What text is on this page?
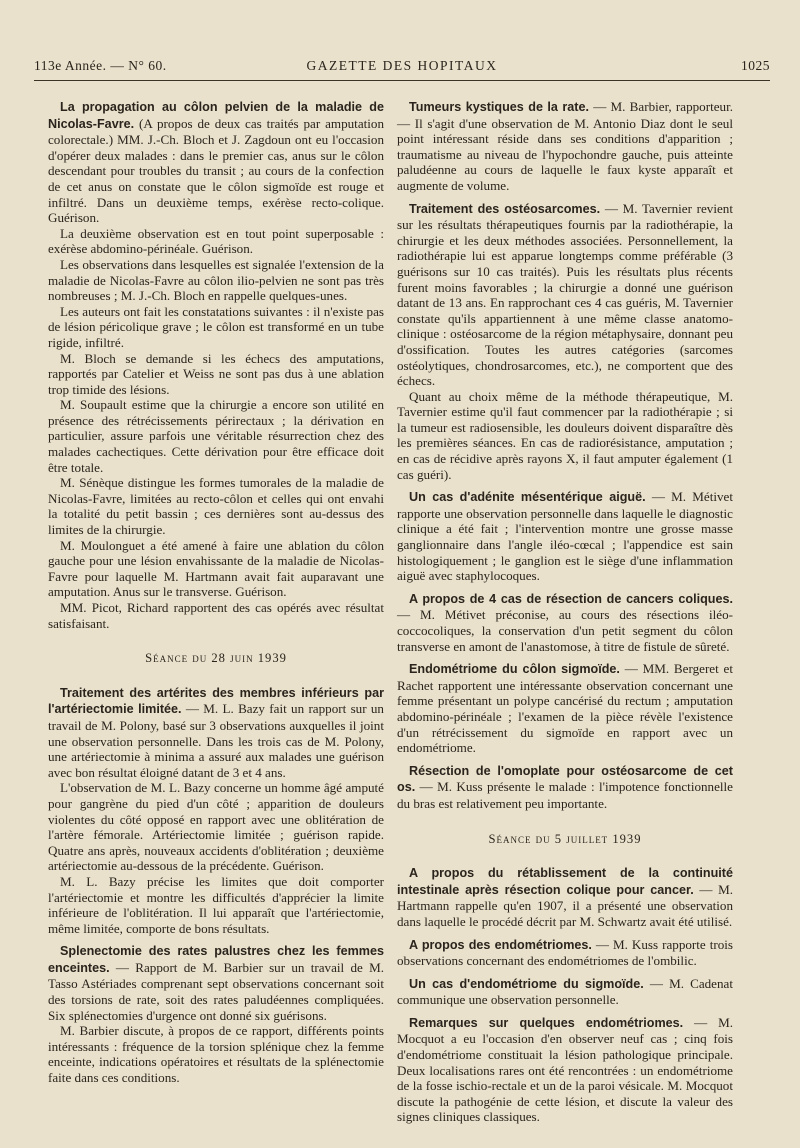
113e Année. — N° 60.	GAZETTE DES HOPITAUX	1025

La propagation au côlon pelvien de la maladie de Nicolas-Favre. (A propos de deux cas traités par amputation colorectale.) MM. J.-Ch. Bloch et J. Zagdoun ont eu l'occasion d'opérer deux malades : dans le premier cas, anus sur le côlon descendant pour troubles du transit ; au cours de la confection de cet anus on constate que le côlon sigmoïde est rouge et infiltré. Dans un deuxième temps, exérèse recto-colique. Guérison.

La deuxième observation est en tout point superposable : exérèse abdomino-périnéale. Guérison.

Les observations dans lesquelles est signalée l'extension de la maladie de Nicolas-Favre au côlon ilio-pelvien ne sont pas très nombreuses ; M. J.-Ch. Bloch en rappelle quelques-unes.

Les auteurs ont fait les constatations suivantes : il n'existe pas de lésion péricolique grave ; le côlon est transformé en un tube rigide, infiltré.

M. Bloch se demande si les échecs des amputations, rapportés par Catelier et Weiss ne sont pas dus à une ablation trop timide des lésions.

M. Soupault estime que la chirurgie a encore son utilité en présence des rétrécissements périrectaux ; la dérivation en particulier, assure parfois une véritable résurrection chez des malades cachectiques. Cette dérivation pour être efficace doit être totale.

M. Sénèque distingue les formes tumorales de la maladie de Nicolas-Favre, limitées au recto-côlon et celles qui ont envahi la totalité du petit bassin ; ces dernières sont au-dessus des limites de la chirurgie.

M. Moulonguet a été amené à faire une ablation du côlon gauche pour une lésion envahissante de la maladie de Nicolas-Favre pour laquelle M. Hartmann avait fait auparavant une amputation. Anus sur le transverse. Guérison.

MM. Picot, Richard rapportent des cas opérés avec résultat satisfaisant.

Séance du 28 juin 1939

Traitement des artérites des membres inférieurs par l'artériectomie limitée. — M. L. Bazy fait un rapport sur un travail de M. Polony, basé sur 3 observations auxquelles il joint une observation personnelle. Dans les trois cas de M. Polony, une artériectomie à minima a assuré aux malades une guérison avec bon résultat éloigné datant de 3 et 4 ans.

L'observation de M. L. Bazy concerne un homme âgé amputé pour gangrène du pied d'un côté ; apparition de douleurs violentes du côté opposé en rapport avec une oblitération de l'artère fémorale. Artériectomie limitée ; guérison rapide. Quatre ans après, nouveaux accidents d'oblitération ; deuxième artériectomie au-dessous de la précédente. Guérison.

M. L. Bazy précise les limites que doit comporter l'artériectomie et montre les difficultés d'apprécier la limite inférieure de l'oblitération. Il lui apparaît que l'artériectomie, même limitée, comporte de bons résultats.

Splenectomie des rates palustres chez les femmes enceintes. — Rapport de M. Barbier sur un travail de M. Tasso Astériades comprenant sept observations concernant soit des torsions de rate, soit des rates paludéennes compliquées. Six splénectomies d'urgence ont donné six guérisons.

M. Barbier discute, à propos de ce rapport, différents points intéressants : fréquence de la torsion splénique chez la femme enceinte, indications opératoires et résultats de la splénectomie faite dans ces conditions.

Tumeurs kystiques de la rate. — M. Barbier, rapporteur. — Il s'agit d'une observation de M. Antonio Diaz dont le seul point intéressant réside dans ses conditions d'apparition ; traumatisme au niveau de l'hypochondre gauche, puis atteinte paludéenne au cours de laquelle le faux kyste apparaît et augmente de volume.

Traitement des ostéosarcomes. — M. Tavernier revient sur les résultats thérapeutiques fournis par la radiothérapie, la chirurgie et les deux méthodes associées. Personnellement, la radiothérapie lui est apparue longtemps comme préférable (3 guérisons sur 10 cas traités). Puis les résultats plus récents furent moins favorables ; la chirurgie a donné une guérison datant de 13 ans. En rapprochant ces 4 cas guéris, M. Tavernier constate qu'ils appartiennent à une même classe anatomo-clinique : ostéosarcome de la région métaphysaire, donnant peu d'ossification. Toutes les autres catégories (sarcomes ostéolytiques, chondrosarcomes, etc.), ne comportent que des échecs.

Quant au choix même de la méthode thérapeutique, M. Tavernier estime qu'il faut commencer par la radiothérapie ; si la tumeur est radiosensible, les douleurs doivent disparaître dès les premières séances. En cas de radiorésistance, amputation ; en cas de récidive après rayons X, il faut amputer également (1 cas guéri).

Un cas d'adénite mésentérique aiguë. — M. Métivet rapporte une observation personnelle dans laquelle le diagnostic clinique a été fait ; l'intervention montre une grosse masse ganglionnaire dans l'angle iléo-cœcal ; l'appendice est sain histologiquement ; le ganglion est le siège d'une inflammation aiguë avec staphylocoques.

A propos de 4 cas de résection de cancers coliques. — M. Métivet préconise, au cours des résections iléo-coccocoliques, la conservation d'un petit segment du côlon transverse en amont de l'anastomose, à titre de fistule de sûreté.

Endométriome du côlon sigmoïde. — MM. Bergeret et Rachet rapportent une intéressante observation concernant une femme présentant un polype cancérisé du rectum ; amputation abdomino-périnéale ; l'examen de la pièce révèle l'existence d'un rétrécissement du sigmoïde en rapport avec un endométriome.

Résection de l'omoplate pour ostéosarcome de cet os. — M. Kuss présente le malade : l'impotence fonctionnelle du bras est relativement peu importante.

Séance du 5 juillet 1939

A propos du rétablissement de la continuité intestinale après résection colique pour cancer. — M. Hartmann rappelle qu'en 1907, il a présenté une observation dans laquelle le procédé décrit par M. Schwartz avait été utilisé.

A propos des endométriomes. — M. Kuss rapporte trois observations concernant des endométriomes de l'ombilic.

Un cas d'endométriome du sigmoïde. — M. Cadenat communique une observation personnelle.

Remarques sur quelques endométriomes. — M. Mocquot a eu l'occasion d'en observer neuf cas ; cinq fois d'endométriome constituait la lésion pathologique principale. Deux localisations rares ont été rencontrées : un endométriome de la fosse ischio-rectale et un de la paroi vésicale. M. Mocquot discute la pathogénie de cette lésion, et discute la valeur des signes cliniques classiques.
